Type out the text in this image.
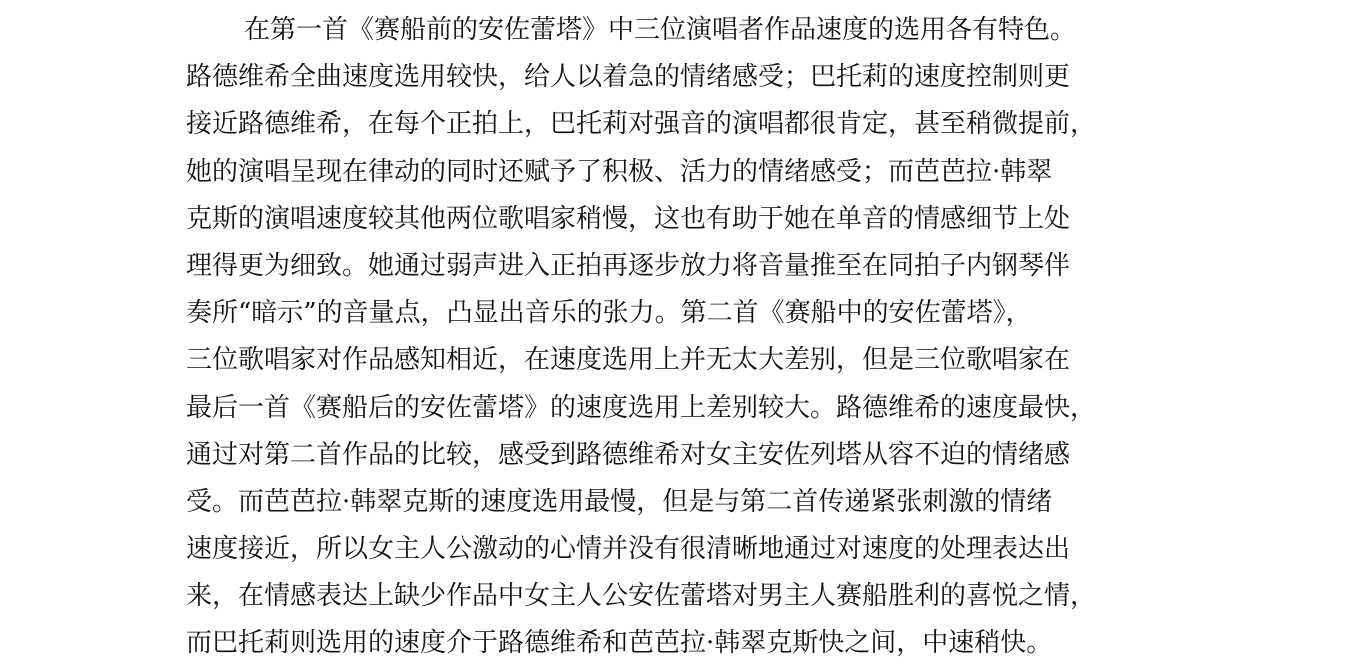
在第一首《赛船前的安佐蕾塔》中三位演唱者作品速度的选用各有特色。
路德维希全曲速度选用较快，给人以着急的情绪感受；巴托莉的速度控制则更
接近路德维希，在每个正拍上，巴托莉对强音的演唱都很肯定，甚至稍微提前，
她的演唱呈现在律动的同时还赋予了积极、活力的情绪感受；而芭芭拉·韩翠
克斯的演唱速度较其他两位歌唱家稍慢，这也有助于她在单音的情感细节上处
理得更为细致。她通过弱声进入正拍再逐步放力将音量推至在同拍子内钢琴伴
奏所“暗示”的音量点，凸显出音乐的张力。第二首《赛船中的安佐蕾塔》，
三位歌唱家对作品感知相近，在速度选用上并无太大差别，但是三位歌唱家在
最后一首《赛船后的安佐蕾塔》的速度选用上差别较大。路德维希的速度最快，
通过对第二首作品的比较，感受到路德维希对女主安佐列塔从容不迫的情绪感
受。而芭芭拉·韩翠克斯的速度选用最慢，但是与第二首传递紧张刺激的情绪
速度接近，所以女主人公激动的心情并没有很清晰地通过对速度的处理表达出
来，在情感表达上缺少作品中女主人公安佐蕾塔对男主人赛船胜利的喜悦之情，
而巴托莉则选用的速度介于路德维希和芭芭拉·韩翠克斯快之间，中速稍快。
